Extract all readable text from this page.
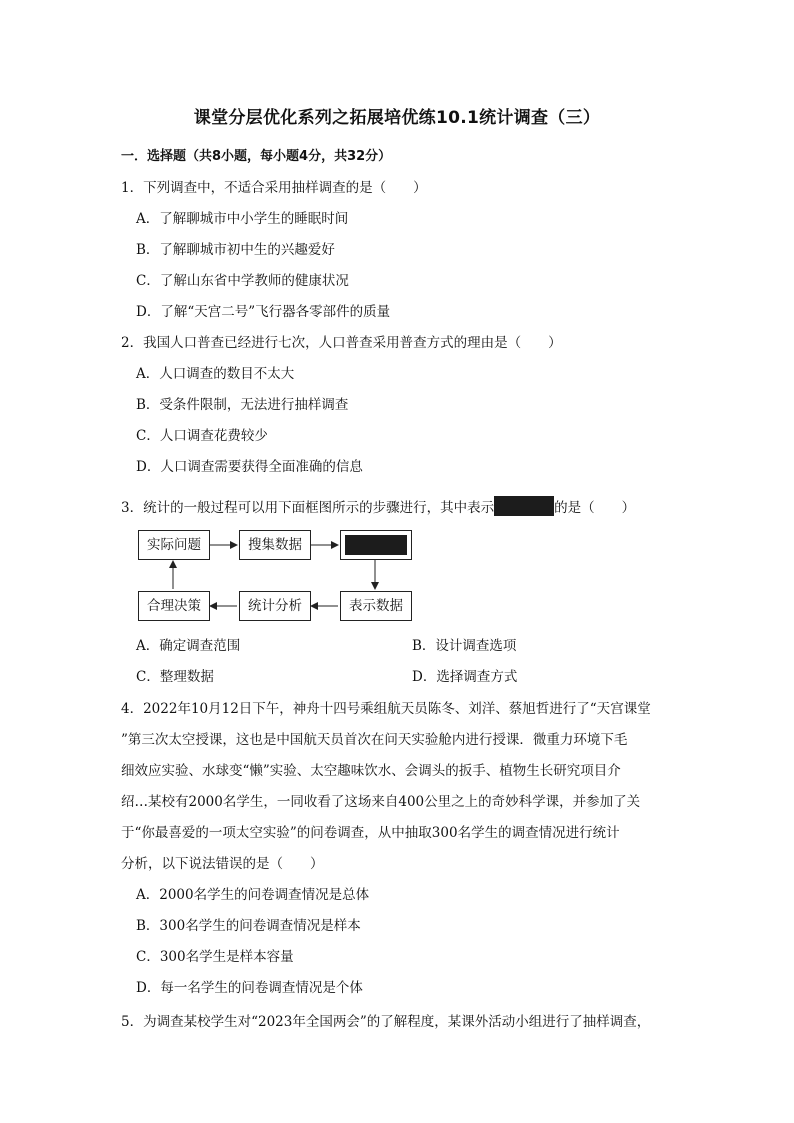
课堂分层优化系列之拓展培优练10.1统计调查（三）
一．选择题（共8小题，每小题4分，共32分）
1．下列调查中，不适合采用抽样调查的是（　　）
A．了解聊城市中小学生的睡眠时间
B．了解聊城市初中生的兴趣爱好
C．了解山东省中学教师的健康状况
D．了解“天宫二号”飞行器各零部件的质量
2．我国人口普查已经进行七次，人口普查采用普查方式的理由是（　　）
A．人口调查的数目不太大
B．受条件限制，无法进行抽样调查
C．人口调查花费较少
D．人口调查需要获得全面准确的信息
3．统计的一般过程可以用下面框图所示的步骤进行，其中表示	的是（　　）
实际问题	搜集数据
表示数据
统计分析
合理决策
A．确定调查范围	B．设计调查选项
C．整理数据	D．选择调查方式
4．2022年10月12日下午，神舟十四号乘组航天员陈冬、刘洋、蔡旭哲进行了“天宫课堂
”第三次太空授课，这也是中国航天员首次在问天实验舱内进行授课．微重力环境下毛
细效应实验、水球变“懒”实验、太空趣味饮水、会调头的扳手、植物生长研究项目介
绍…某校有2000名学生，一同收看了这场来自400公里之上的奇妙科学课，并参加了关
于“你最喜爱的一项太空实验”的问卷调查，从中抽取300名学生的调查情况进行统计
分析，以下说法错误的是（　　）
A．2000名学生的问卷调查情况是总体
B．300名学生的问卷调查情况是样本
C．300名学生是样本容量
D．每一名学生的问卷调查情况是个体
5．为调查某校学生对“2023年全国两会”的了解程度，某课外活动小组进行了抽样调查，
